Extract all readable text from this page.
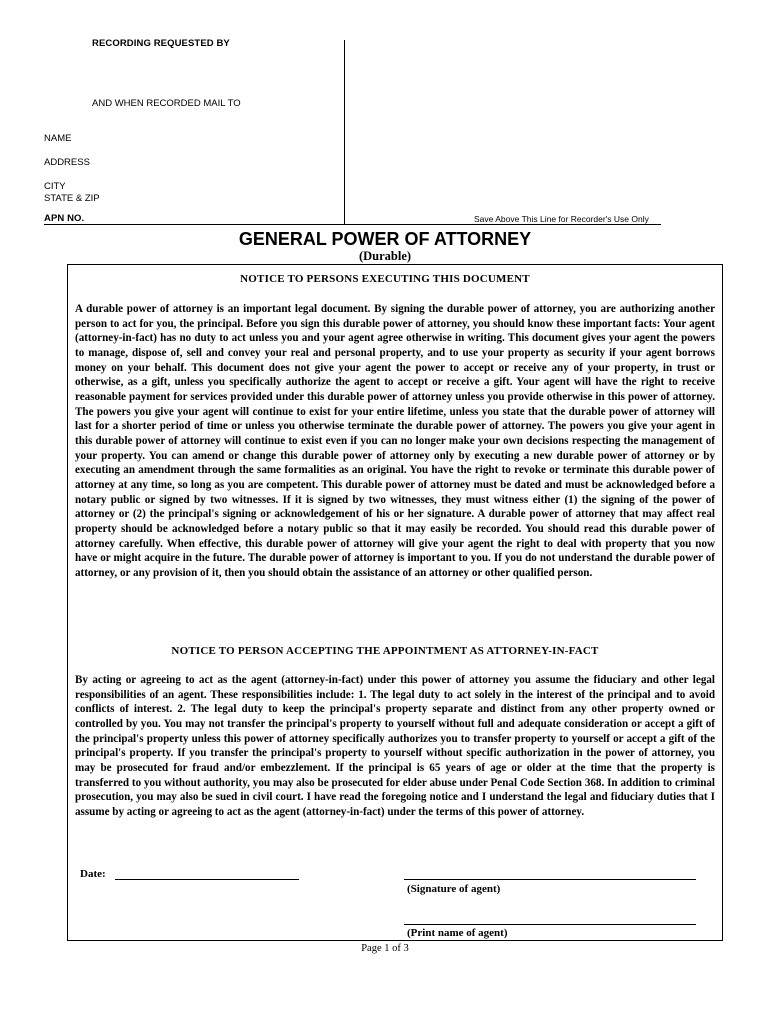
RECORDING REQUESTED BY
AND WHEN RECORDED MAIL TO
NAME
ADDRESS
CITY
STATE & ZIP
APN NO.	Save Above This Line for Recorder's Use Only
GENERAL POWER OF ATTORNEY
(Durable)
NOTICE TO PERSONS EXECUTING THIS DOCUMENT
A durable power of attorney is an important legal document. By signing the durable power of attorney, you are authorizing another person to act for you, the principal. Before you sign this durable power of attorney, you should know these important facts: Your agent (attorney-in-fact) has no duty to act unless you and your agent agree otherwise in writing. This document gives your agent the powers to manage, dispose of, sell and convey your real and personal property, and to use your property as security if your agent borrows money on your behalf. This document does not give your agent the power to accept or receive any of your property, in trust or otherwise, as a gift, unless you specifically authorize the agent to accept or receive a gift. Your agent will have the right to receive reasonable payment for services provided under this durable power of attorney unless you provide otherwise in this power of attorney. The powers you give your agent will continue to exist for your entire lifetime, unless you state that the durable power of attorney will last for a shorter period of time or unless you otherwise terminate the durable power of attorney. The powers you give your agent in this durable power of attorney will continue to exist even if you can no longer make your own decisions respecting the management of your property. You can amend or change this durable power of attorney only by executing a new durable power of attorney or by executing an amendment through the same formalities as an original. You have the right to revoke or terminate this durable power of attorney at any time, so long as you are competent. This durable power of attorney must be dated and must be acknowledged before a notary public or signed by two witnesses. If it is signed by two witnesses, they must witness either (1) the signing of the power of attorney or (2) the principal's signing or acknowledgement of his or her signature. A durable power of attorney that may affect real property should be acknowledged before a notary public so that it may easily be recorded. You should read this durable power of attorney carefully. When effective, this durable power of attorney will give your agent the right to deal with property that you now have or might acquire in the future. The durable power of attorney is important to you. If you do not understand the durable power of attorney, or any provision of it, then you should obtain the assistance of an attorney or other qualified person.
NOTICE TO PERSON ACCEPTING THE APPOINTMENT AS ATTORNEY-IN-FACT
By acting or agreeing to act as the agent (attorney-in-fact) under this power of attorney you assume the fiduciary and other legal responsibilities of an agent. These responsibilities include: 1. The legal duty to act solely in the interest of the principal and to avoid conflicts of interest. 2. The legal duty to keep the principal's property separate and distinct from any other property owned or controlled by you. You may not transfer the principal's property to yourself without full and adequate consideration or accept a gift of the principal's property unless this power of attorney specifically authorizes you to transfer property to yourself or accept a gift of the principal's property. If you transfer the principal's property to yourself without specific authorization in the power of attorney, you may be prosecuted for fraud and/or embezzlement. If the principal is 65 years of age or older at the time that the property is transferred to you without authority, you may also be prosecuted for elder abuse under Penal Code Section 368. In addition to criminal prosecution, you may also be sued in civil court. I have read the foregoing notice and I understand the legal and fiduciary duties that I assume by acting or agreeing to act as the agent (attorney-in-fact) under the terms of this power of attorney.
Date:
(Signature of agent)
(Print name of agent)
Page 1 of 3
